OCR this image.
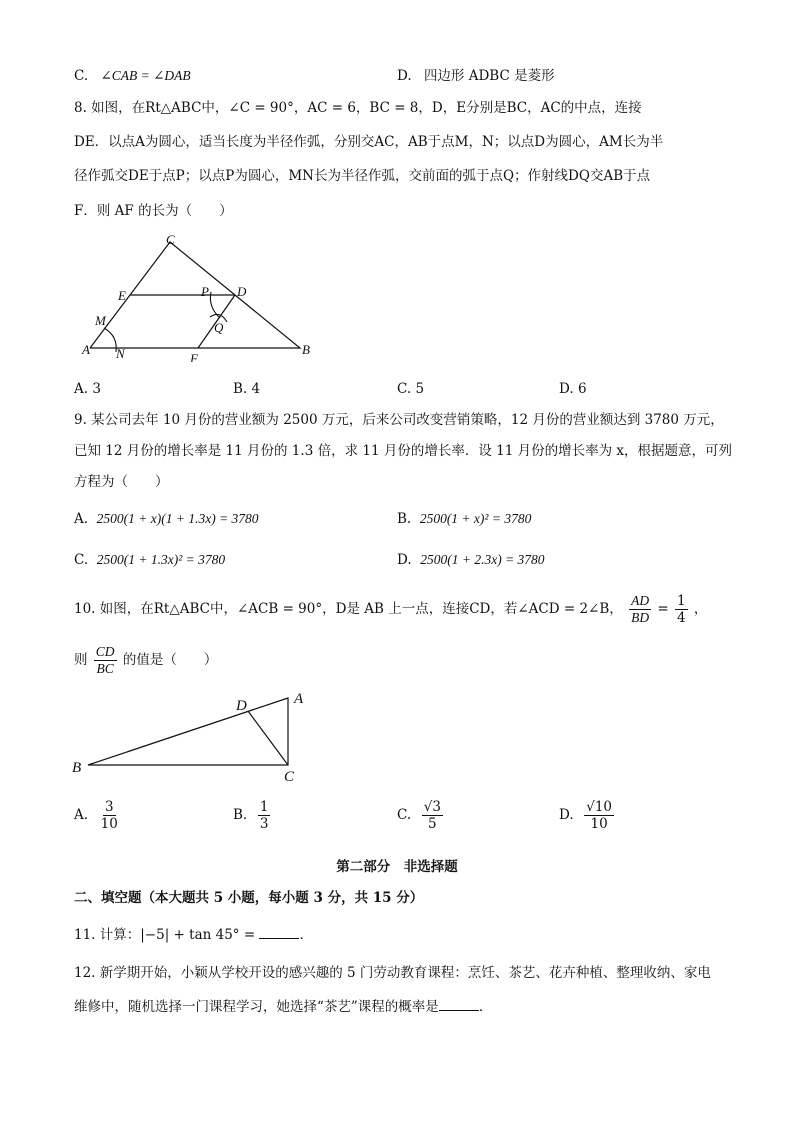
C. ∠CAB = ∠DAB	D. 四边形 ADBC 是菱形
8. 如图，在Rt△ABC中，∠C = 90°，AC = 6，BC = 8，D，E分别是BC，AC的中点，连接
DE．以点A为圆心，适当长度为半径作弧，分别交AC，AB于点M，N；以点D为圆心，AM长为半
径作弧交DE于点P；以点P为圆心，MN长为半径作弧，交前面的弧于点Q；作射线DQ交AB于点
F．则 AF 的长为（　　）
C
E
M
A N	F
B
D
P
Q
A. 3	B. 4	C. 5	D. 6
9. 某公司去年 10 月份的营业额为 2500 万元，后来公司改变营销策略，12 月份的营业额达到 3780 万元，
已知 12 月份的增长率是 11 月份的 1.3 倍，求 11 月份的增长率．设 11 月份的增长率为 x，根据题意，可列
方程为（　　）
A. 2500(1 + x)(1 + 1.3x) = 3780	B. 2500(1 + x)² = 3780
C. 2500(1 + 1.3x)² = 3780	D. 2500(1 + 2.3x) = 3780
10. 如图，在Rt△ABC中，∠ACB = 90°，D是 AB 上一点，连接CD，若∠ACD = 2∠B， $\frac{AD}{BD} = \frac{1}{4}$ ，
则 $\frac{CD}{BC}$ 的值是（　　）
B
C
A
D
A. $\frac{3}{10}$	B. $\frac{1}{3}$	C. $\frac{√3}{5}$	D. $\frac{√10}{10}$
第二部分　非选择题
二、填空题（本大题共 5 小题，每小题 3 分，共 15 分）
11. 计算：|−5| + tan 45° =	．
12. 新学期开始，小颖从学校开设的感兴趣的 5 门劳动教育课程：烹饪、茶艺、花卉种植、整理收纳、家电
维修中，随机选择一门课程学习，她选择“茶艺”课程的概率是	．
